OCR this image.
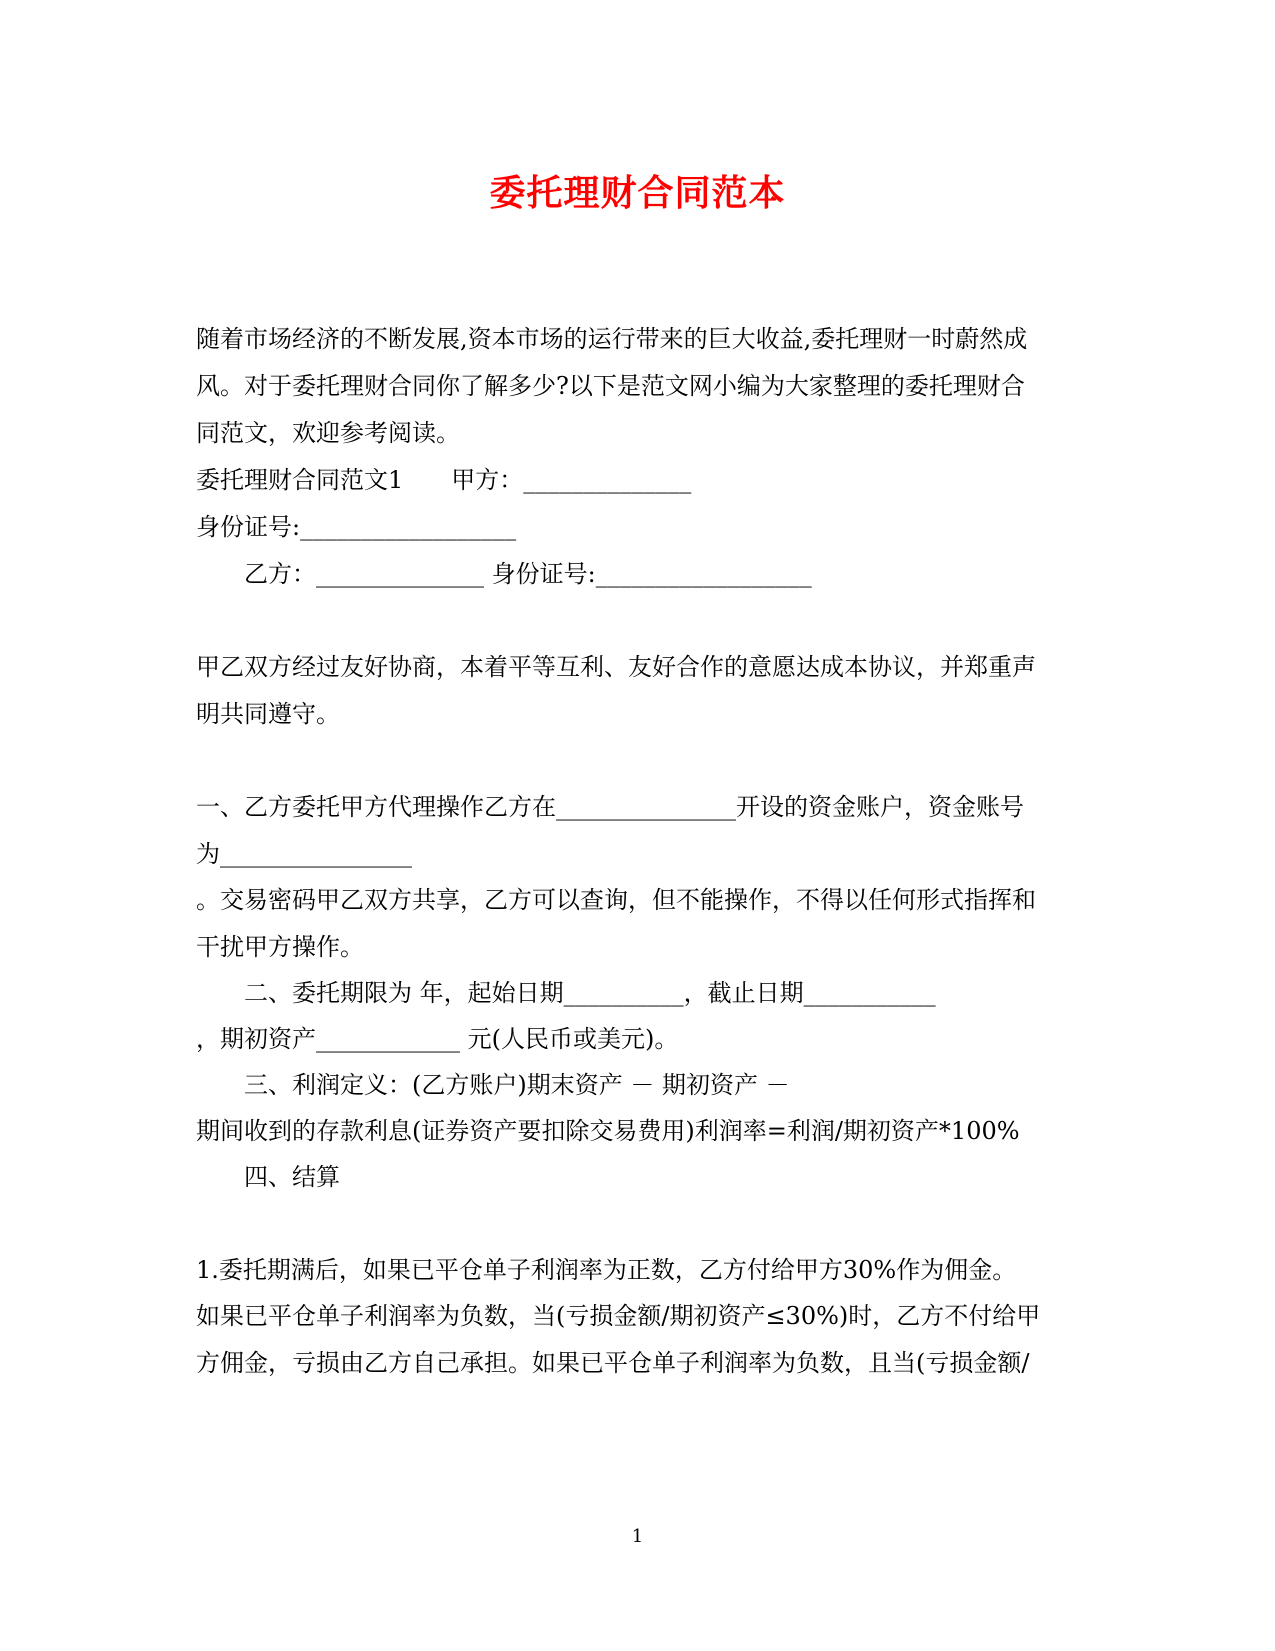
委托理财合同范本
随着市场经济的不断发展,资本市场的运行带来的巨大收益,委托理财一时蔚然成
风。对于委托理财合同你了解多少?以下是范文网小编为大家整理的委托理财合
同范文，欢迎参考阅读。
委托理财合同范文1　　甲方：______________
身份证号:__________________
　　乙方：______________ 身份证号:__________________
甲乙双方经过友好协商，本着平等互利、友好合作的意愿达成本协议，并郑重声
明共同遵守。
一、乙方委托甲方代理操作乙方在_______________开设的资金账户，资金账号
为________________
。交易密码甲乙双方共享，乙方可以查询，但不能操作，不得以任何形式指挥和
干扰甲方操作。
　　二、委托期限为 年，起始日期__________，截止日期___________
，期初资产____________ 元(人民币或美元)。
　　三、利润定义：(乙方账户)期末资产 － 期初资产 －
期间收到的存款利息(证券资产要扣除交易费用)利润率=利润/期初资产*100%
　　四、结算
1.委托期满后，如果已平仓单子利润率为正数，乙方付给甲方30%作为佣金。
如果已平仓单子利润率为负数，当(亏损金额/期初资产≤30%)时，乙方不付给甲
方佣金，亏损由乙方自己承担。如果已平仓单子利润率为负数，且当(亏损金额/
1
